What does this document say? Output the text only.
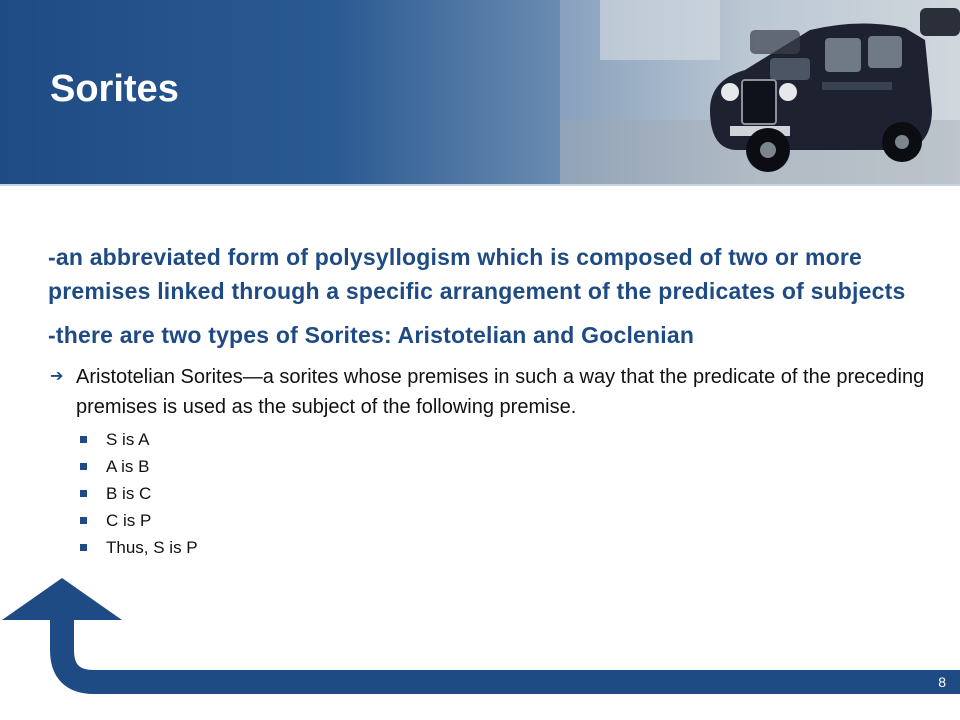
Sorites

-an abbreviated form of polysyllogism which is composed of two or more premises linked through a specific arrangement of the predicates of subjects

-there are two types of Sorites: Aristotelian and Goclenian

➔ Aristotelian Sorites—a sorites whose premises in such a way that the predicate of the preceding premises is used as the subject of the following premise.
S is A
A is B
B is C
C is P
Thus, S is P
8
